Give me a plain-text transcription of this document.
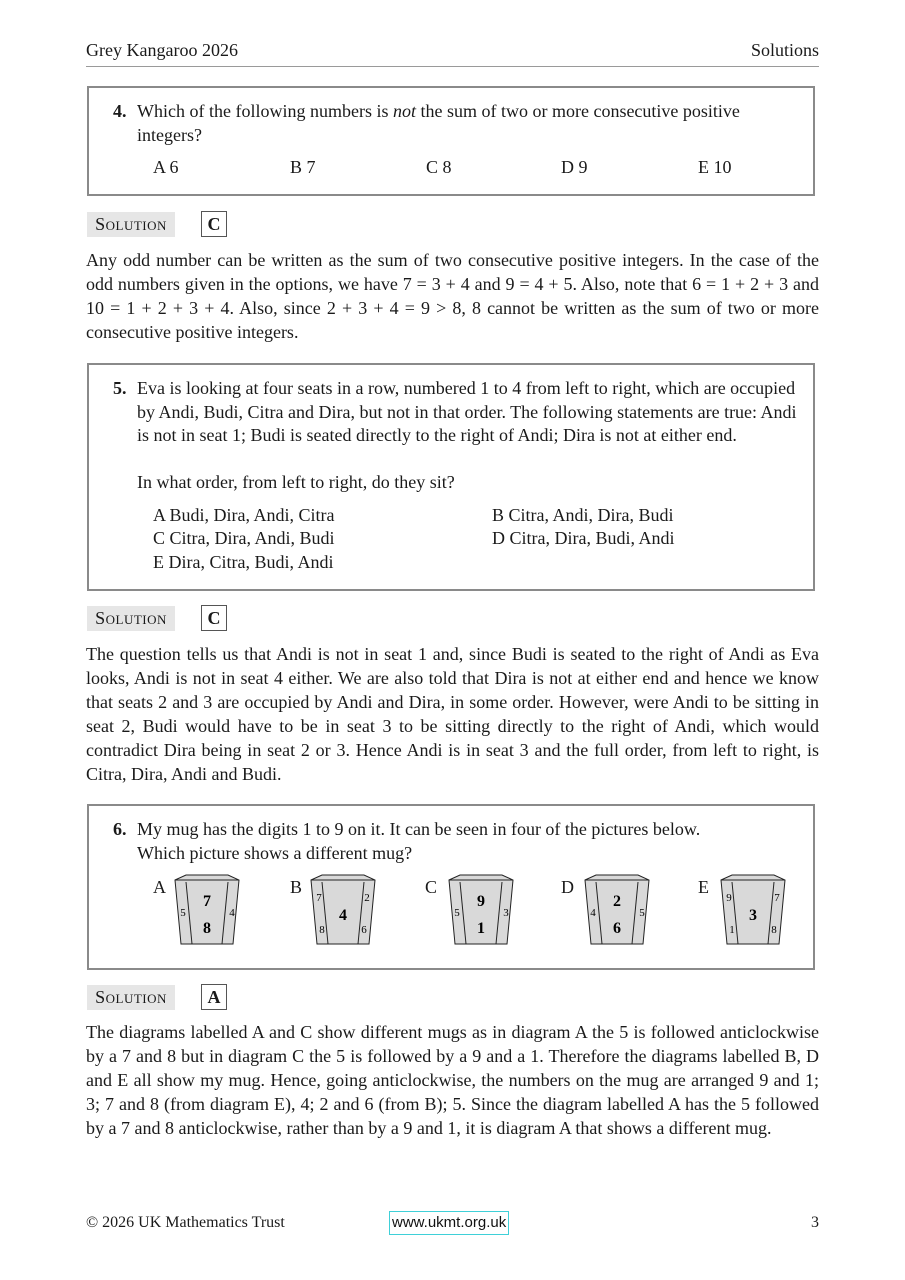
Grey Kangaroo 2026	Solutions
4. Which of the following numbers is not the sum of two or more consecutive positive integers?
A 6	B 7	C 8	D 9	E 10
Solution	C
Any odd number can be written as the sum of two consecutive positive integers. In the case of the odd numbers given in the options, we have 7 = 3 + 4 and 9 = 4 + 5. Also, note that 6 = 1 + 2 + 3 and 10 = 1 + 2 + 3 + 4. Also, since 2 + 3 + 4 = 9 > 8, 8 cannot be written as the sum of two or more consecutive positive integers.
5. Eva is looking at four seats in a row, numbered 1 to 4 from left to right, which are occupied by Andi, Budi, Citra and Dira, but not in that order. The following statements are true: Andi is not in seat 1; Budi is seated directly to the right of Andi; Dira is not at either end.
In what order, from left to right, do they sit?
A Budi, Dira, Andi, Citra	B Citra, Andi, Dira, Budi
C Citra, Dira, Andi, Budi	D Citra, Dira, Budi, Andi
E Dira, Citra, Budi, Andi
Solution	C
The question tells us that Andi is not in seat 1 and, since Budi is seated to the right of Andi as Eva looks, Andi is not in seat 4 either. We are also told that Dira is not at either end and hence we know that seats 2 and 3 are occupied by Andi and Dira, in some order. However, were Andi to be sitting in seat 2, Budi would have to be in seat 3 to be sitting directly to the right of Andi, which would contradict Dira being in seat 2 or 3. Hence Andi is in seat 3 and the full order, from left to right, is Citra, Dira, Andi and Budi.
6. My mug has the digits 1 to 9 on it. It can be seen in four of the pictures below.
Which picture shows a different mug?
A
5
7
8
4
B
7
8
4
2
6
C
5
9
1
3
D
4
2
6
5
E
9
1
3
7
8
Solution	A
The diagrams labelled A and C show different mugs as in diagram A the 5 is followed anticlockwise by a 7 and 8 but in diagram C the 5 is followed by a 9 and a 1. Therefore the diagrams labelled B, D and E all show my mug. Hence, going anticlockwise, the numbers on the mug are arranged 9 and 1; 3; 7 and 8 (from diagram E), 4; 2 and 6 (from B); 5. Since the diagram labelled A has the 5 followed by a 7 and 8 anticlockwise, rather than by a 9 and 1, it is diagram A that shows a different mug.
© 2026 UK Mathematics Trust	3
www.ukmt.org.uk
